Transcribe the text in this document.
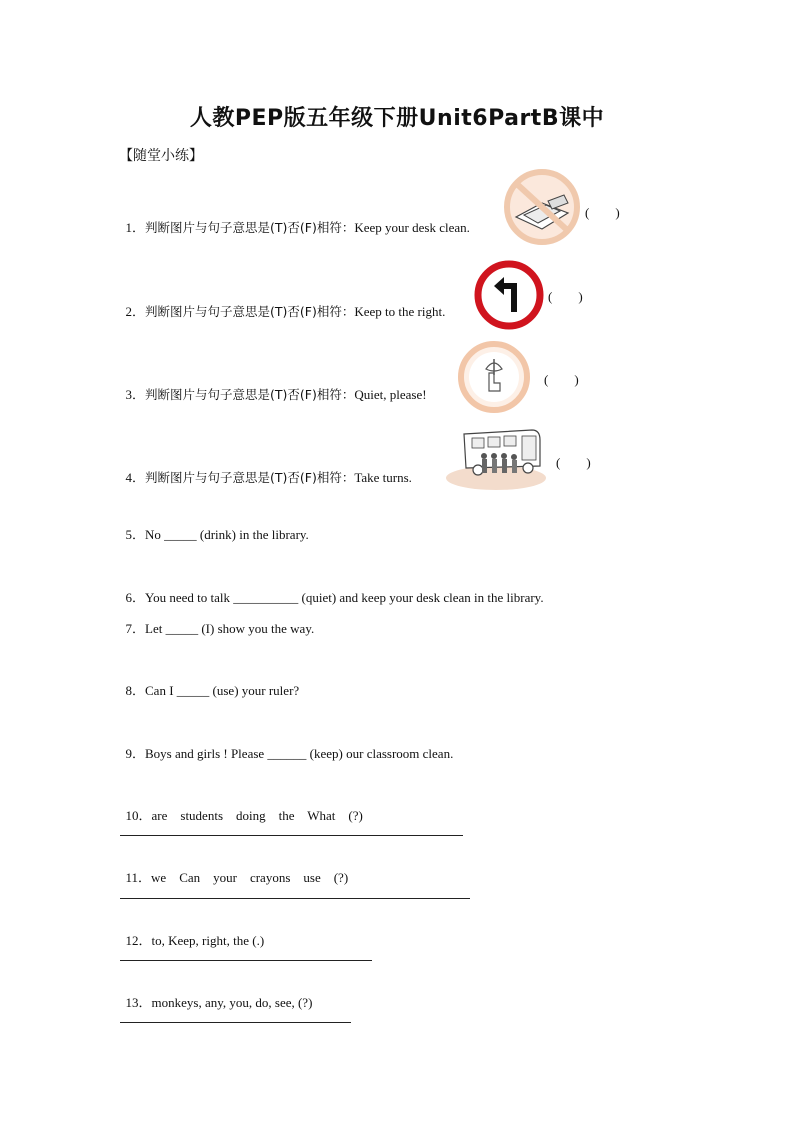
人教PEP版五年级下册Unit6PartB课中
【随堂小练】

1．判断图片与句子意思是(T)否(F)相符：Keep your desk clean.

(　　)

2．判断图片与句子意思是(T)否(F)相符：Keep to the right.

(　　)

3．判断图片与句子意思是(T)否(F)相符：Quiet, please!

(　　)

4．判断图片与句子意思是(T)否(F)相符：Take turns.

(　　)

5．No _____ (drink) in the library.

6．You need to talk __________ (quiet) and keep your desk clean in the library.

7．Let _____ (I) show you the way.

8．Can I _____ (use) your ruler?

9．Boys and girls ! Please ______ (keep) our classroom clean.

10．are    students    doing    the    What    (?)

11．we    Can    your    crayons    use    (?)

12．to, Keep, right, the (.)

13．monkeys, any, you, do, see, (?)
